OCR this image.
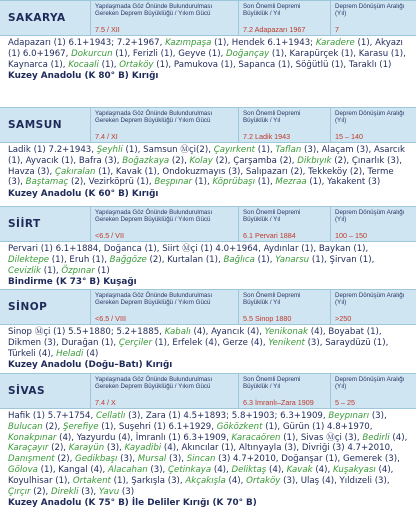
SAKARYA
Yapılaşmada Göz Önünde Bulundurulması Gereken Deprem Büyüklüğü / Yıkım Gücü
7.5 / XII
Son Önemli Depremi Büyüklük / Yıl
7.2 Adapazarı 1967
Deprem Dönüşüm Aralığı (Yıl)
7
Adapazarı (1) 6.1+1943; 7.2+1967, Kazımpaşa (1), Hendek 6.1+1943; Karadere (1), Akyazı (1) 6.0+1967, Dokurcun (1), Ferizli (1), Geyve (1), Doğançay (1), Karapürçek (1), Karasu (1), Kaynarca (1), Kocaali (1), Ortaköy (1), Pamukova (1), Sapanca (1), Söğütlü (1), Taraklı (1)
Kuzey Anadolu (K 80° B) Kırığı
SAMSUN
Yapılaşmada Göz Önünde Bulundurulması Gereken Deprem Büyüklüğü / Yıkım Gücü
7.4 / XI
Son Önemli Depremi Büyüklük / Yıl
7.2 Ladik 1943
Deprem Dönüşüm Aralığı (Yıl)
15 – 140
Ladik (1) 7.2+1943, Şeyhli (1), Samsun Ⓜçi(2), Çayırkent (1), Taflan (3), Alaçam (3), Asarcık (1), Ayvacık (1), Bafra (3), Boğazkaya (2), Kolay (2), Çarşamba (2), Dikbıyık (2), Çınarlık (3), Havza (3), Çakıralan (1), Kavak (1), Ondokuzmayıs (3), Salıpazarı (2), Tekkeköy (2), Terme (3), Baştamaç (2), Vezirköprü (1), Beşpınar (1), Köprübaşı (1), Mezraa (1), Yakakent (3)
Kuzey Anadolu (K 60° B) Kırığı
SİİRT
Yapılaşmada Göz Önünde Bulundurulması Gereken Deprem Büyüklüğü / Yıkım Gücü
<6.5 / VII
Son Önemli Depremi Büyüklük / Yıl
6.1 Pervari 1884
Deprem Dönüşüm Aralığı (Yıl)
100 – 150
Pervari (1) 6.1+1884, Doğanca (1), Siirt Ⓜçi (1) 4.0+1964, Aydınlar (1), Baykan (1), Dilektepe (1), Eruh (1), Bağgöze (2), Kurtalan (1), Bağlıca (1), Yanarsu (1), Şirvan (1), Cevizlik (1), Özpınar (1)
Bindirme (K 73° B) Kuşağı
SİNOP
Yapılaşmada Göz Önünde Bulundurulması Gereken Deprem Büyüklüğü / Yıkım Gücü
<6.5 / VIII
Son Önemli Depremi Büyüklük / Yıl
5.5 Sinop 1880
Deprem Dönüşüm Aralığı (Yıl)
>250
Sinop Ⓜçi (1) 5.5+1880; 5.2+1885, Kabalı (4), Ayancık (4), Yenikonak (4), Boyabat (1), Dikmen (3), Durağan (1), Çerçiler (1), Erfelek (4), Gerze (4), Yenikent (3), Saraydüzü (1), Türkeli (4), Heladi (4)
Kuzey Anadolu (Doğu–Batı) Kırığı
SİVAS
Yapılaşmada Göz Önünde Bulundurulması Gereken Deprem Büyüklüğü / Yıkım Gücü
7.4 / X
Son Önemli Depremi Büyüklük / Yıl
6.3 İmranlı–Zara 1909
Deprem Dönüşüm Aralığı (Yıl)
5 – 25
Hafik (1) 5.7+1754, Cellatlı (3), Zara (1) 4.5+1893; 5.8+1903; 6.3+1909, Beypınarı (3), Bulucan (2), Şerefiye (1), Suşehri (1) 6.1+1929, Göközkent (1), Gürün (1) 4.8+1970, Konakpınar (4), Yazyurdu (4), İmranlı (1) 6.3+1909, Karacaören (1), Sivas Ⓜçi (3), Bedirli (4), Karaçayır (2), Karayün (3), Kayadibi (4), Akıncılar (1), Altınyayla (3), Divriği (3) 4.7+2010, Danışment (2), Gedikbaşı (3), Mursal (3), Sincan (3) 4.7+2010, Doğanşar (1), Gemerek (3), Gölova (1), Kangal (4), Alacahan (3), Çetinkaya (4), Deliktaş (4), Kavak (4), Kuşakyası (4), Koyulhisar (1), Ortakent (1), Şarkışla (3), Akçakışla (4), Ortaköy (3), Ulaş (4), Yıldızeli (3), Çırçır (2), Direkli (3), Yavu (3)
Kuzey Anadolu (K 75° B) İle Deliler Kırığı (K 70° B)
